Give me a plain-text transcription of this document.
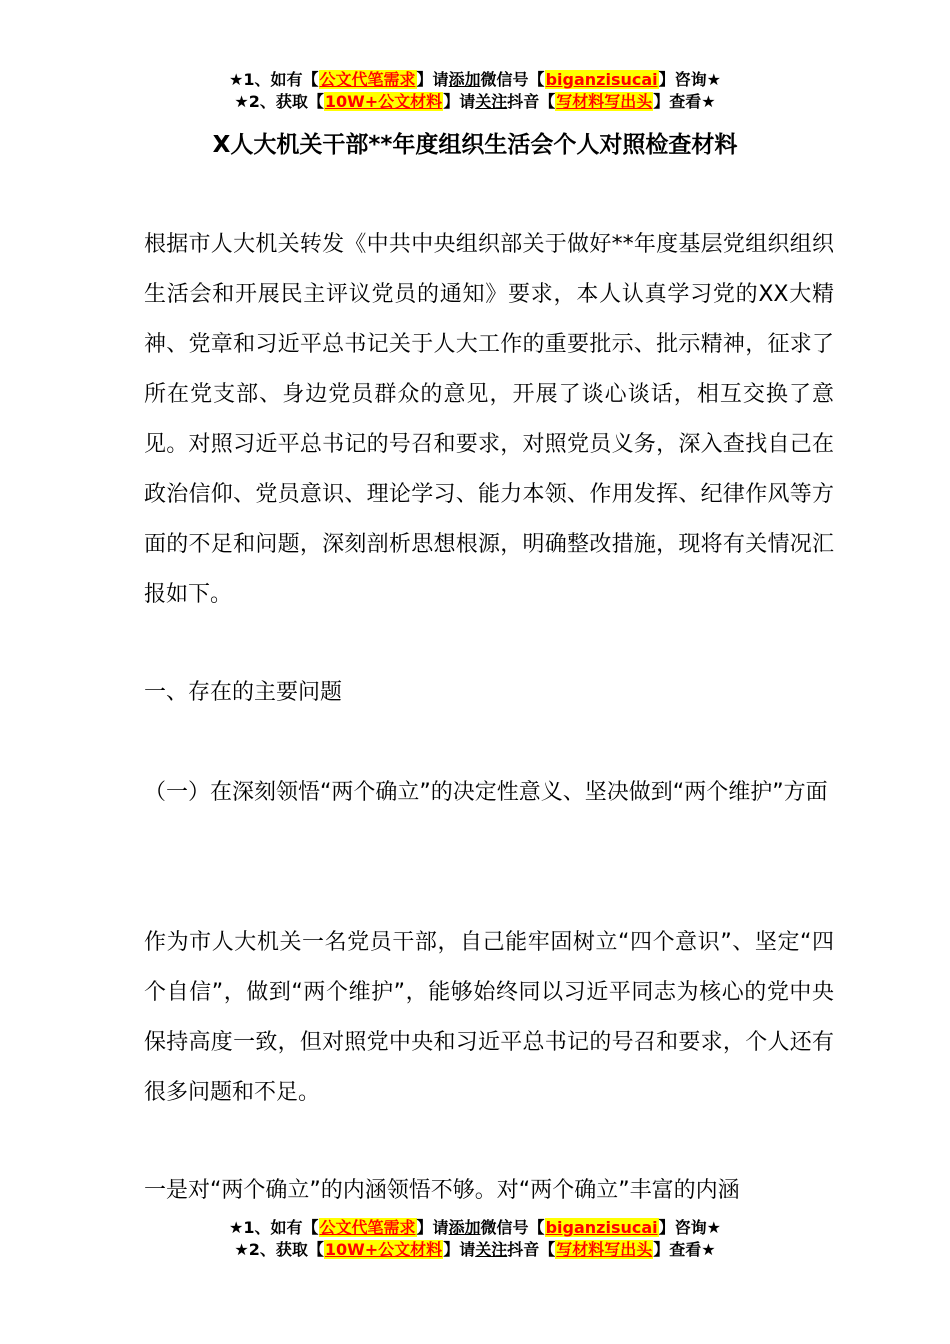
★1、如有【公文代笔需求】请添加微信号【biganzisucai】咨询★
★2、获取【10W+公文材料】请关注抖音【写材料写出头】查看★
X人大机关干部**年度组织生活会个人对照检查材料

根据市人大机关转发《中共中央组织部关于做好**年度基层党组织组织生活会和开展民主评议党员的通知》要求，本人认真学习党的XX大精神、党章和习近平总书记关于人大工作的重要批示、批示精神，征求了所在党支部、身边党员群众的意见，开展了谈心谈话，相互交换了意见。对照习近平总书记的号召和要求，对照党员义务，深入查找自己在政治信仰、党员意识、理论学习、能力本领、作用发挥、纪律作风等方面的不足和问题，深刻剖析思想根源，明确整改措施，现将有关情况汇报如下。

一、存在的主要问题

（一）在深刻领悟“两个确立”的决定性意义、坚决做到“两个维护”方面

作为市人大机关一名党员干部，自己能牢固树立“四个意识”、坚定“四个自信”，做到“两个维护”，能够始终同以习近平同志为核心的党中央保持高度一致，但对照党中央和习近平总书记的号召和要求，个人还有很多问题和不足。

一是对“两个确立”的内涵领悟不够。对“两个确立”丰富的内涵

★1、如有【公文代笔需求】请添加微信号【biganzisucai】咨询★
★2、获取【10W+公文材料】请关注抖音【写材料写出头】查看★
